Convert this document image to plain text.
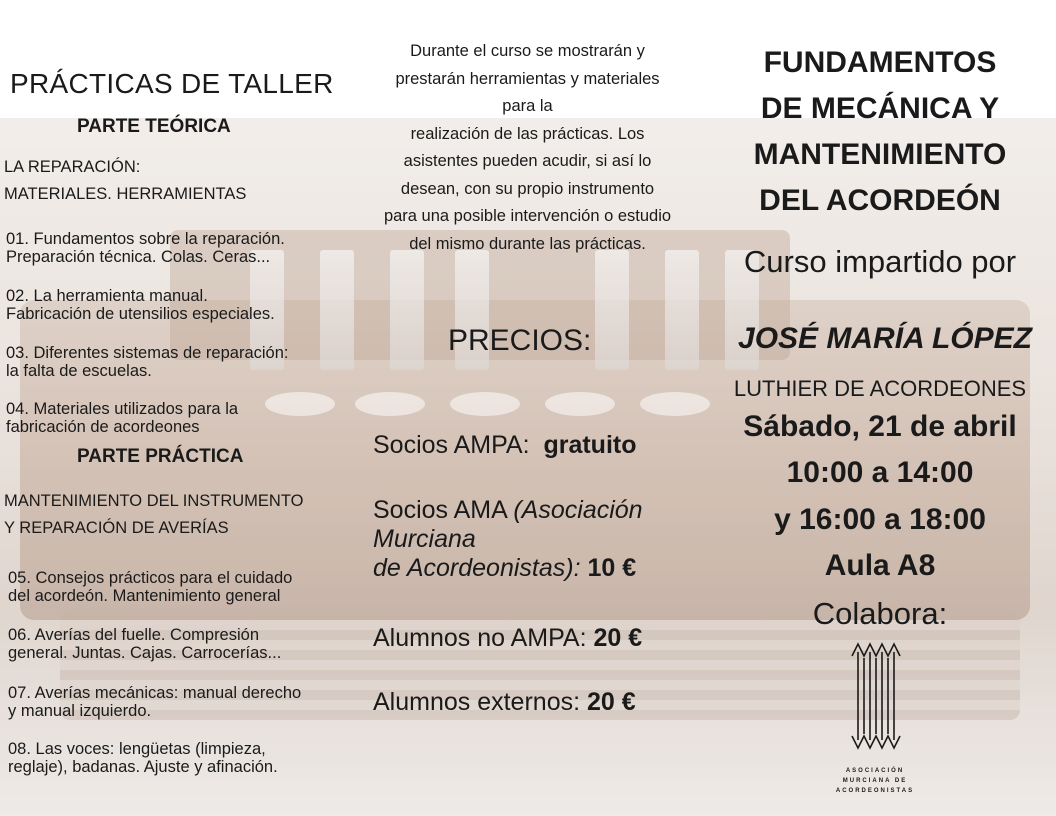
PRÁCTICAS DE TALLER
PARTE TEÓRICA
LA REPARACIÓN:
MATERIALES. HERRAMIENTAS
01. Fundamentos sobre la reparación.
Preparación técnica. Colas. Ceras...
02. La herramienta manual.
Fabricación de utensilios especiales.
03. Diferentes sistemas de reparación:
la falta de escuelas.
04. Materiales utilizados para la
fabricación de acordeones
PARTE PRÁCTICA
MANTENIMIENTO DEL INSTRUMENTO
Y REPARACIÓN DE AVERÍAS
05. Consejos prácticos para el cuidado
del acordeón. Mantenimiento general
06. Averías del fuelle. Compresión
general. Juntas. Cajas. Carrocerías...
07. Averías mecánicas: manual derecho
y manual izquierdo.
08. Las voces: lengüetas (limpieza,
reglaje), badanas. Ajuste y afinación.
Durante el curso se mostrarán y
prestarán herramientas y materiales
para la
realización de las prácticas. Los
asistentes pueden acudir, si así lo
desean, con su propio instrumento
para una posible intervención o estudio
del mismo durante las prácticas.
PRECIOS:
Socios AMPA: gratuito
Socios AMA (Asociación
Murciana
de Acordeonistas): 10 €
Alumnos no AMPA: 20 €
Alumnos externos: 20 €
FUNDAMENTOS
DE MECÁNICA Y
MANTENIMIENTO
DEL ACORDEÓN
Curso impartido por
JOSÉ MARÍA LÓPEZ
LUTHIER DE ACORDEONES
Sábado, 21 de abril
10:00 a 14:00
y 16:00 a 18:00
Aula A8
Colabora:
ASOCIACIÓN
MURCIANA DE
ACORDEONISTAS
